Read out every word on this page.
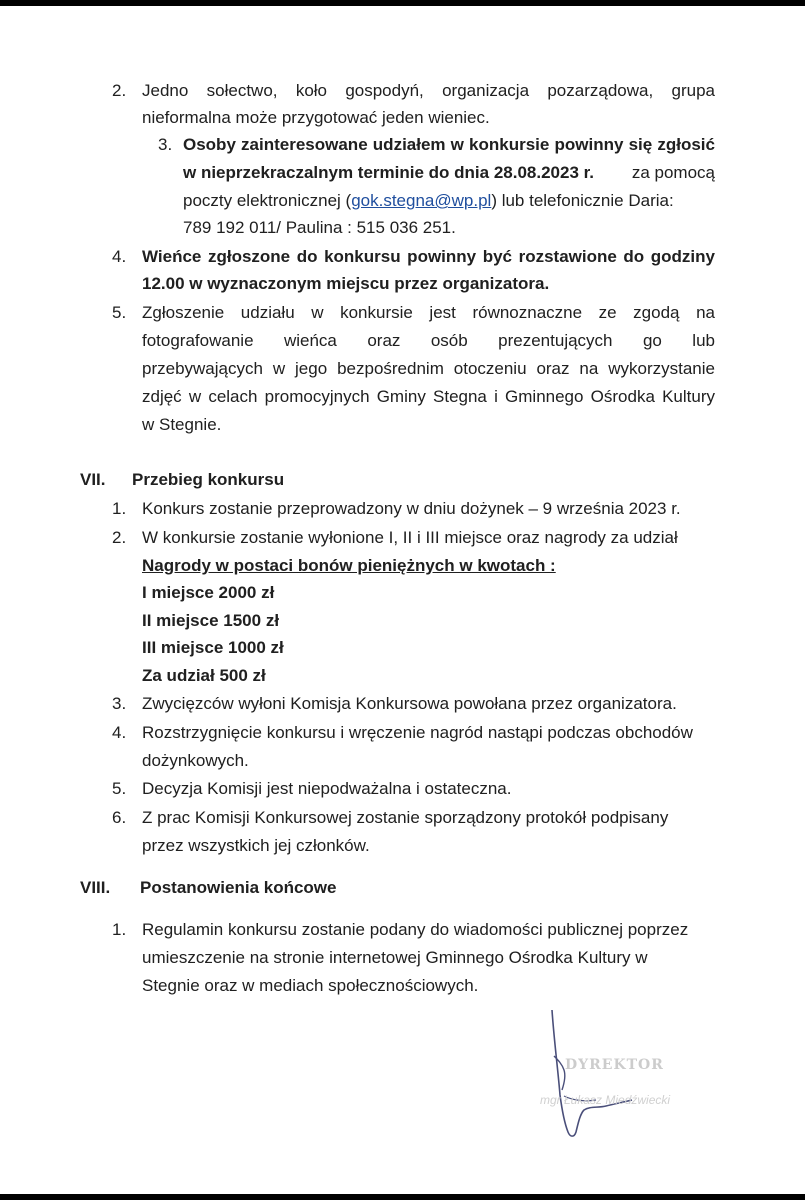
2. Jedno sołectwo, koło gospodyń, organizacja pozarządowa, grupa
nieformalna może przygotować jeden wieniec.
3. Osoby zainteresowane udziałem w konkursie powinny się zgłosić
w nieprzekraczalnym terminie do dnia 28.08.2023 r. za pomocą
poczty elektronicznej (gok.stegna@wp.pl) lub telefonicznie Daria:
789 192 011/ Paulina : 515 036 251.
4. Wieńce zgłoszone do konkursu powinny być rozstawione do godziny
12.00 w wyznaczonym miejscu przez organizatora.
5. Zgłoszenie udziału w konkursie jest równoznaczne ze zgodą na
fotografowanie wieńca oraz osób prezentujących go lub
przebywających w jego bezpośrednim otoczeniu oraz na wykorzystanie
zdjęć w celach promocyjnych Gminy Stegna i Gminnego Ośrodka Kultury
w Stegnie.
VII. Przebieg konkursu
1. Konkurs zostanie przeprowadzony w dniu dożynek – 9 września 2023 r.
2. W konkursie zostanie wyłonione I, II i III miejsce oraz nagrody za udział
Nagrody w postaci bonów pieniężnych w kwotach :
I miejsce 2000 zł
II miejsce 1500 zł
III miejsce 1000 zł
Za udział 500 zł
3. Zwycięzców wyłoni Komisja Konkursowa powołana przez organizatora.
4. Rozstrzygnięcie konkursu i wręczenie nagród nastąpi podczas obchodów
dożynkowych.
5. Decyzja Komisji jest niepodważalna i ostateczna.
6. Z prac Komisji Konkursowej zostanie sporządzony protokół podpisany
przez wszystkich jej członków.
VIII. Postanowienia końcowe
1. Regulamin konkursu zostanie podany do wiadomości publicznej poprzez
umieszczenie na stronie internetowej Gminnego Ośrodka Kultury w
Stegnie oraz w mediach społecznościowych.
DYREKTOR
mgr Łukasz Miedźwiecki
